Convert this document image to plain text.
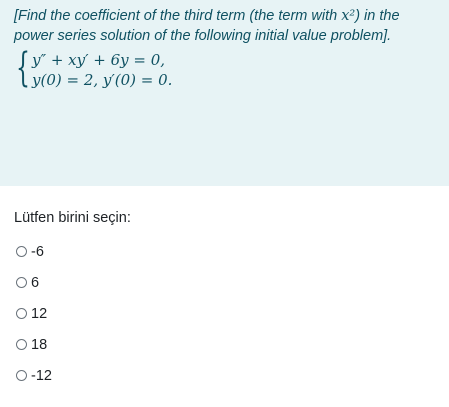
[Find the coefficient of the third term (the term with x²) in the power series solution of the following initial value problem].

{ y″ + xy′ + 6y = 0,
y(0) = 2, y′(0) = 0.

Lütfen birini seçin:

-6
6
12
18
-12
